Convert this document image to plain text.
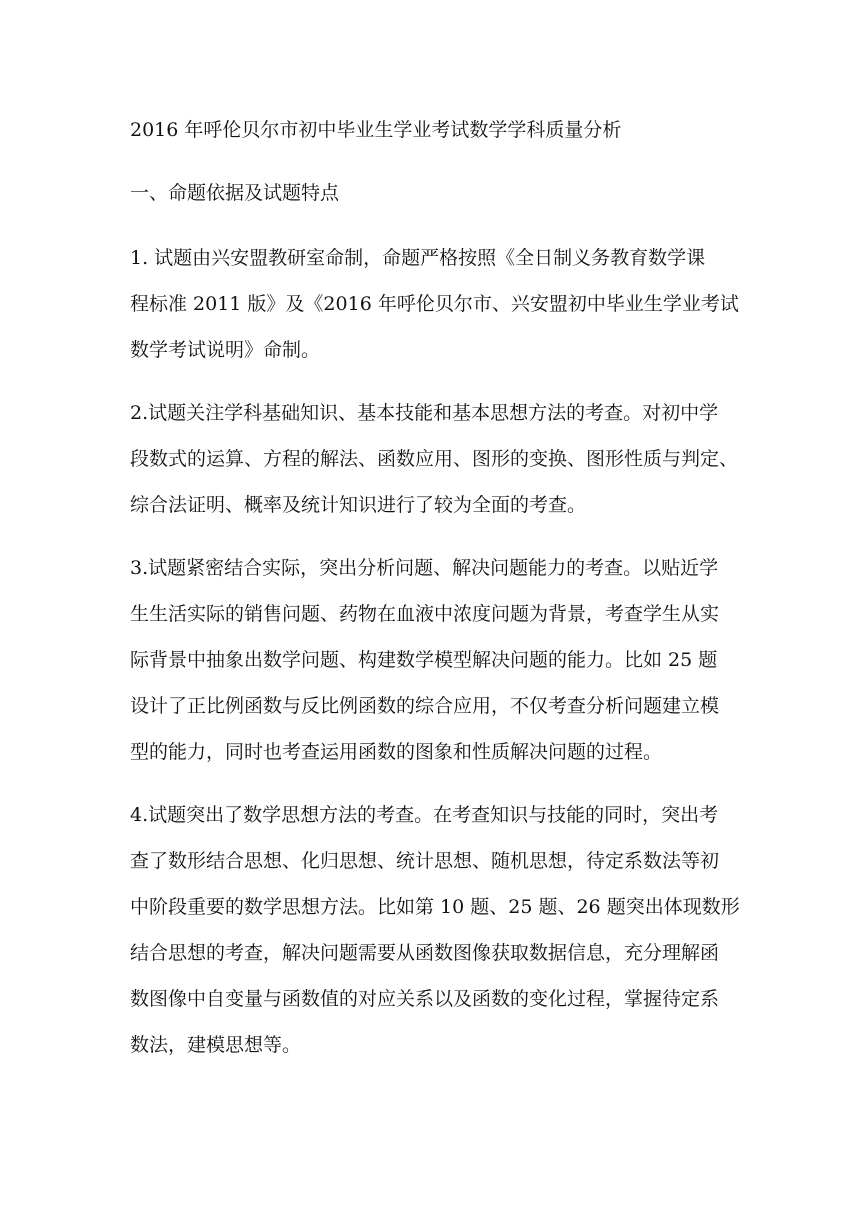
2016 年呼伦贝尔市初中毕业生学业考试数学学科质量分析

一、命题依据及试题特点

1. 试题由兴安盟教研室命制，命题严格按照《全日制义务教育数学课

程标准 2011 版》及《2016 年呼伦贝尔市、兴安盟初中毕业生学业考试

数学考试说明》命制。

2.试题关注学科基础知识、基本技能和基本思想方法的考查。对初中学

段数式的运算、方程的解法、函数应用、图形的变换、图形性质与判定、

综合法证明、概率及统计知识进行了较为全面的考查。

3.试题紧密结合实际，突出分析问题、解决问题能力的考查。以贴近学

生生活实际的销售问题、药物在血液中浓度问题为背景，考查学生从实

际背景中抽象出数学问题、构建数学模型解决问题的能力。比如 25 题

设计了正比例函数与反比例函数的综合应用，不仅考查分析问题建立模

型的能力，同时也考查运用函数的图象和性质解决问题的过程。

4.试题突出了数学思想方法的考查。在考查知识与技能的同时，突出考

查了数形结合思想、化归思想、统计思想、随机思想，待定系数法等初

中阶段重要的数学思想方法。比如第 10 题、25 题、26 题突出体现数形

结合思想的考查，解决问题需要从函数图像获取数据信息，充分理解函

数图像中自变量与函数值的对应关系以及函数的变化过程，掌握待定系

数法，建模思想等。
